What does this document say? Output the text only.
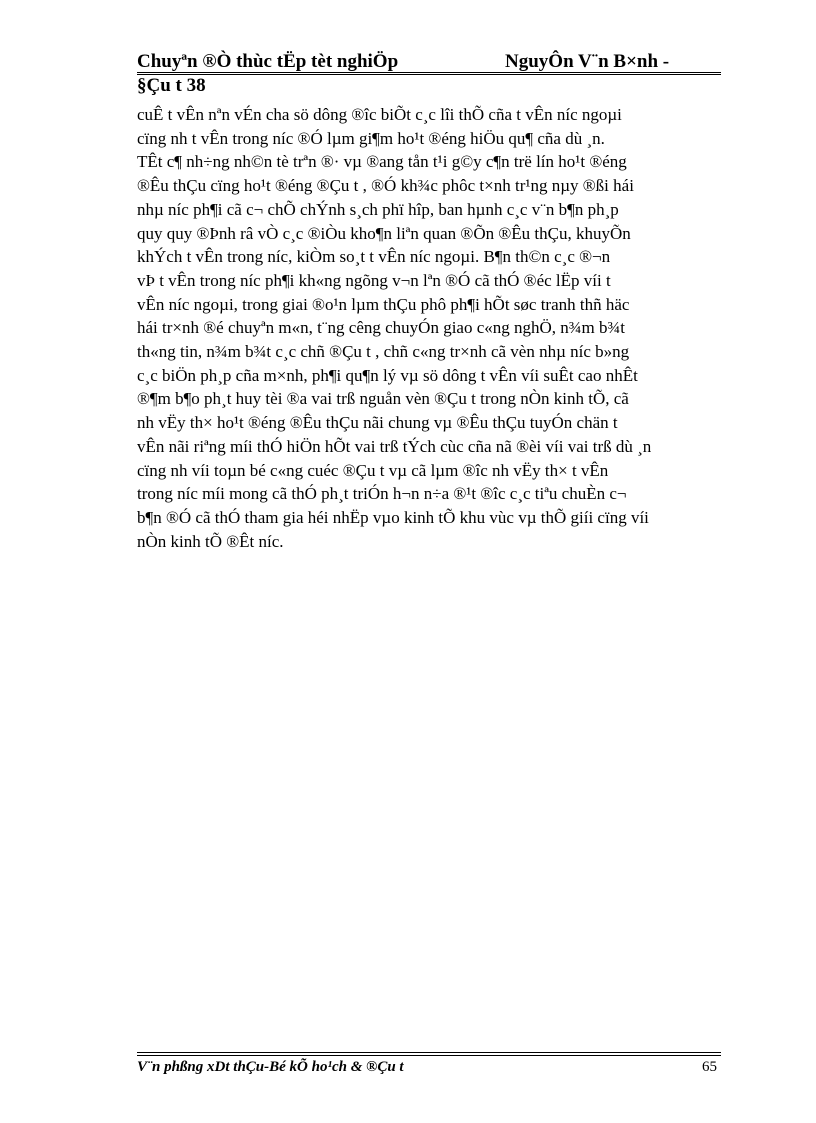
Chuyªn ®Ò thùc tËp tèt nghiÖp	NguyÔn V¨n B×nh -
§Çu t 38
cuÊ t vÊn nªn vÉn cha sö dông ®îc biÕt c¸c lîi thÕ cña t vÊn níc ngoµi
cïng nh t vÊn trong níc ®Ó lµm gi¶m ho¹t ®éng hiÖu qu¶ cña dù ¸n.
TÊt c¶ nh÷ng nh©n tè trªn ®· vµ ®ang tån t¹i g©y c¶n trë lín ho¹t ®éng
®Êu thÇu cïng ho¹t ®éng ®Çu t , ®Ó kh¾c phôc t×nh tr¹ng nµy ®ßi hái
nhµ níc ph¶i cã c¬ chÕ chÝnh s¸ch phï hîp, ban hµnh c¸c v¨n b¶n ph¸p
quy quy ®Þnh râ vÒ c¸c ®iÒu kho¶n liªn quan ®Õn ®Êu thÇu, khuyÕn
khÝch t vÊn trong níc, kiÒm so¸t t vÊn níc ngoµi. B¶n th©n c¸c ®¬n
vÞ t vÊn trong níc ph¶i kh«ng ngõng v¬n lªn ®Ó cã thÓ ®éc lËp víi t
vÊn níc ngoµi, trong giai ®o¹n lµm thÇu phô ph¶i hÕt søc tranh thñ häc
hái tr×nh ®é chuyªn m«n, t¨ng cêng chuyÓn giao c«ng nghÖ, n¾m b¾t
th«ng tin, n¾m b¾t c¸c chñ ®Çu t , chñ c«ng tr×nh cã vèn nhµ níc b»ng
c¸c biÖn ph¸p cña m×nh, ph¶i qu¶n lý vµ sö dông t vÊn víi suÊt cao nhÊt
®¶m b¶o ph¸t huy tèi ®a vai trß nguån vèn ®Çu t trong nÒn kinh tÕ, cã
nh vËy th× ho¹t ®éng ®Êu thÇu nãi chung vµ ®Êu thÇu tuyÓn chän t
vÊn nãi riªng míi thÓ hiÖn hÕt vai trß tÝch cùc cña nã ®èi víi vai trß dù ¸n
cïng nh víi toµn bé c«ng cuéc ®Çu t vµ cã lµm ®îc nh vËy th× t vÊn
trong níc míi mong cã thÓ ph¸t triÓn h¬n n÷a ®¹t ®îc c¸c tiªu chuÈn c¬
b¶n ®Ó cã thÓ tham gia héi nhËp vµo kinh tÕ khu vùc vµ thÕ giíi cïng víi
nÒn kinh tÕ ®Êt níc.
V¨n phßng xDt thÇu-Bé kÕ ho¹ch & ®Çu t	65
